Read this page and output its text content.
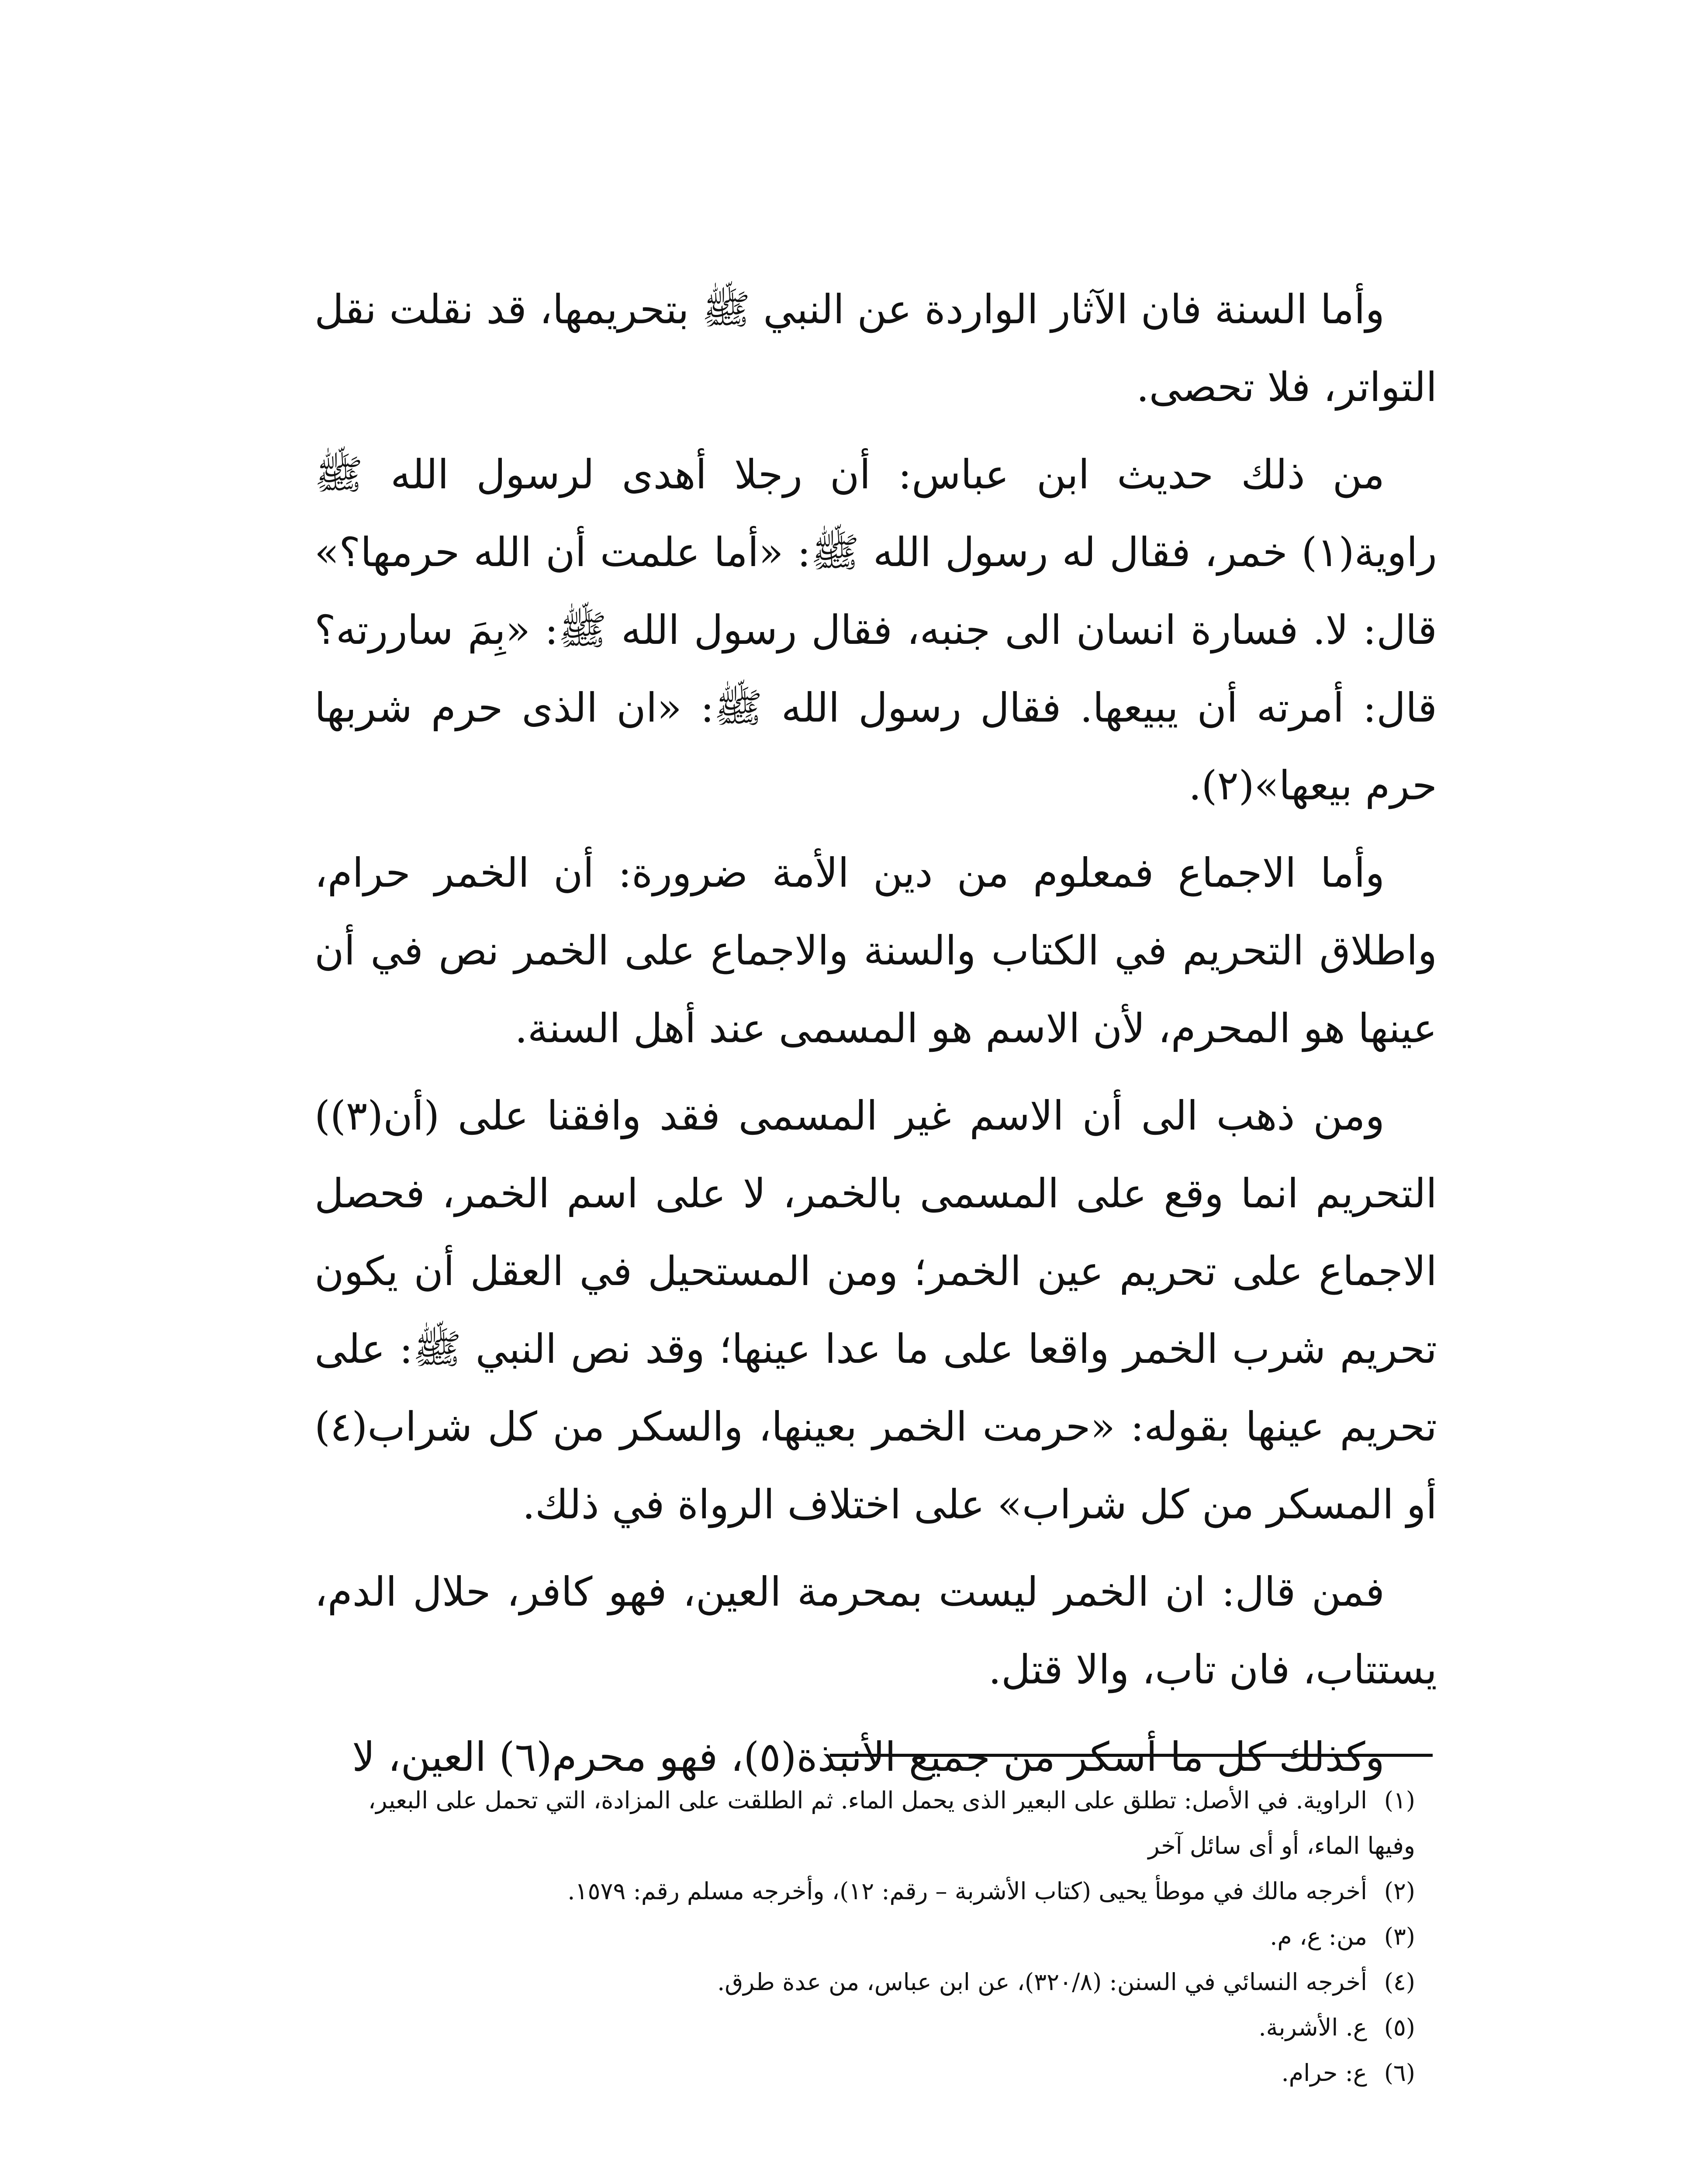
وأما السنة فان الآثار الواردة عن النبي ﷺ بتحريمها، قد نقلت نقل التواتر، فلا تحصى.

من ذلك حديث ابن عباس: أن رجلا أهدى لرسول الله ﷺ راوية(١) خمر، فقال له رسول الله ﷺ: «أما علمت أن الله حرمها؟» قال: لا. فسارة انسان الى جنبه، فقال رسول الله ﷺ: «بِمَ ساررته؟ قال: أمرته أن يبيعها. فقال رسول الله ﷺ: «ان الذى حرم شربها حرم بيعها»(٢).

وأما الاجماع فمعلوم من دين الأمة ضرورة: أن الخمر حرام، واطلاق التحريم في الكتاب والسنة والاجماع على الخمر نص في أن عينها هو المحرم، لأن الاسم هو المسمى عند أهل السنة.

ومن ذهب الى أن الاسم غير المسمى فقد وافقنا على (أن(٣)) التحريم انما وقع على المسمى بالخمر، لا على اسم الخمر، فحصل الاجماع على تحريم عين الخمر؛ ومن المستحيل في العقل أن يكون تحريم شرب الخمر واقعا على ما عدا عينها؛ وقد نص النبي ﷺ: على تحريم عينها بقوله: «حرمت الخمر بعينها، والسكر من كل شراب(٤) أو المسكر من كل شراب» على اختلاف الرواة في ذلك.

فمن قال: ان الخمر ليست بمحرمة العين، فهو كافر، حلال الدم، يستتاب، فان تاب، والا قتل.

وكذلك كل ما أسكر من جميع الأنبذة(٥)، فهو محرم(٦) العين، لا

(١)الراوية. في الأصل: تطلق على البعير الذى يحمل الماء. ثم الطلقت على المزادة، التي تحمل على البعير، وفيها الماء، أو أى سائل آخر

(٢)أخرجه مالك في موطأ يحيى (كتاب الأشربة – رقم: ١٢)، وأخرجه مسلم رقم: ١٥٧٩.

(٣)من: ع، م.

(٤)أخرجه النسائي في السنن: (٣٢٠/٨)، عن ابن عباس، من عدة طرق.

(٥)ع. الأشربة.

(٦)ع: حرام.
